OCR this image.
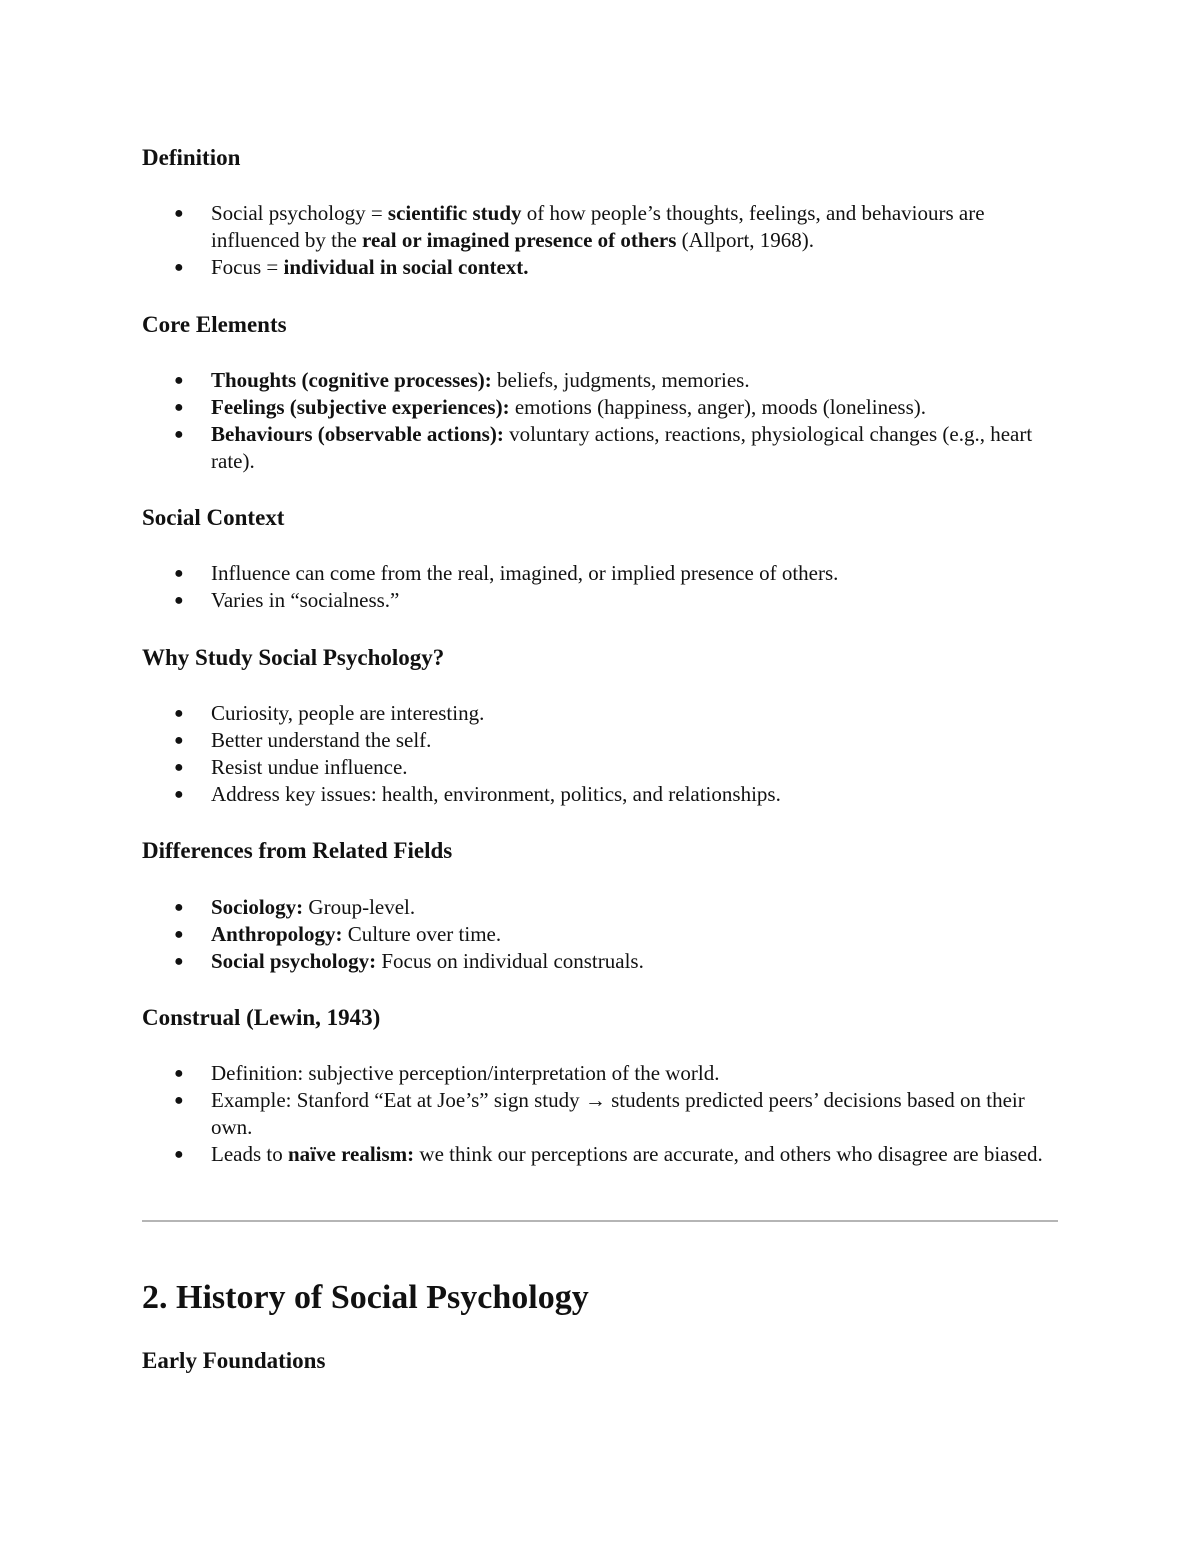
Definition
● Social psychology = scientific study of how people’s thoughts, feelings, and behaviours are influenced by the real or imagined presence of others (Allport, 1968).
● Focus = individual in social context.
Core Elements
● Thoughts (cognitive processes): beliefs, judgments, memories.
● Feelings (subjective experiences): emotions (happiness, anger), moods (loneliness).
● Behaviours (observable actions): voluntary actions, reactions, physiological changes (e.g., heart rate).
Social Context
● Influence can come from the real, imagined, or implied presence of others.
● Varies in “socialness.”
Why Study Social Psychology?
● Curiosity, people are interesting.
● Better understand the self.
● Resist undue influence.
● Address key issues: health, environment, politics, and relationships.
Differences from Related Fields
● Sociology: Group-level.
● Anthropology: Culture over time.
● Social psychology: Focus on individual construals.
Construal (Lewin, 1943)
● Definition: subjective perception/interpretation of the world.
● Example: Stanford “Eat at Joe’s” sign study → students predicted peers’ decisions based on their own.
● Leads to naïve realism: we think our perceptions are accurate, and others who disagree are biased.
2. History of Social Psychology
Early Foundations
